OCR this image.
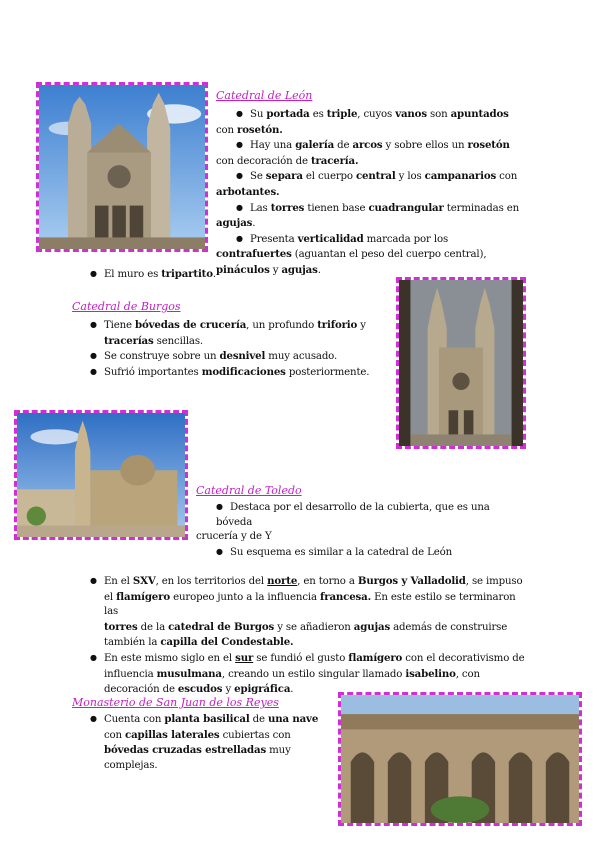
Catedral de León
● Su portada es triple, cuyos vanos son apuntados
con rosetón.
● Hay una galería de arcos y sobre ellos un rosetón
con decoración de tracería.
● Se separa el cuerpo central y los campanarios con
arbotantes.
● Las torres tienen base cuadrangular terminadas en
agujas.
● Presenta verticalidad marcada por los
contrafuertes (aguantan el peso del cuerpo central),
pináculos y agujas.
● El muro es tripartito.
Catedral de Burgos
● Tiene bóvedas de crucería, un profundo triforio y
tracerías sencillas.
● Se construye sobre un desnivel muy acusado.
● Sufrió importantes modificaciones posteriormente.
Catedral de Toledo
● Destaca por el desarrollo de la cubierta, que es una bóveda
crucería y de Y
● Su esquema es similar a la catedral de León
● En el SXV, en los territorios del norte, en torno a Burgos y Valladolid, se impuso
el flamígero europeo junto a la influencia francesa. En este estilo se terminaron las
torres de la catedral de Burgos y se añadieron agujas además de construirse
también la capilla del Condestable.
● En este mismo siglo en el sur se fundió el gusto flamígero con el decorativismo de
influencia musulmana, creando un estilo singular llamado isabelino, con
decoración de escudos y epigráfica.
Monasterio de San Juan de los Reyes
● Cuenta con planta basilical de una nave
con capillas laterales cubiertas con
bóvedas cruzadas estrelladas muy
complejas.
